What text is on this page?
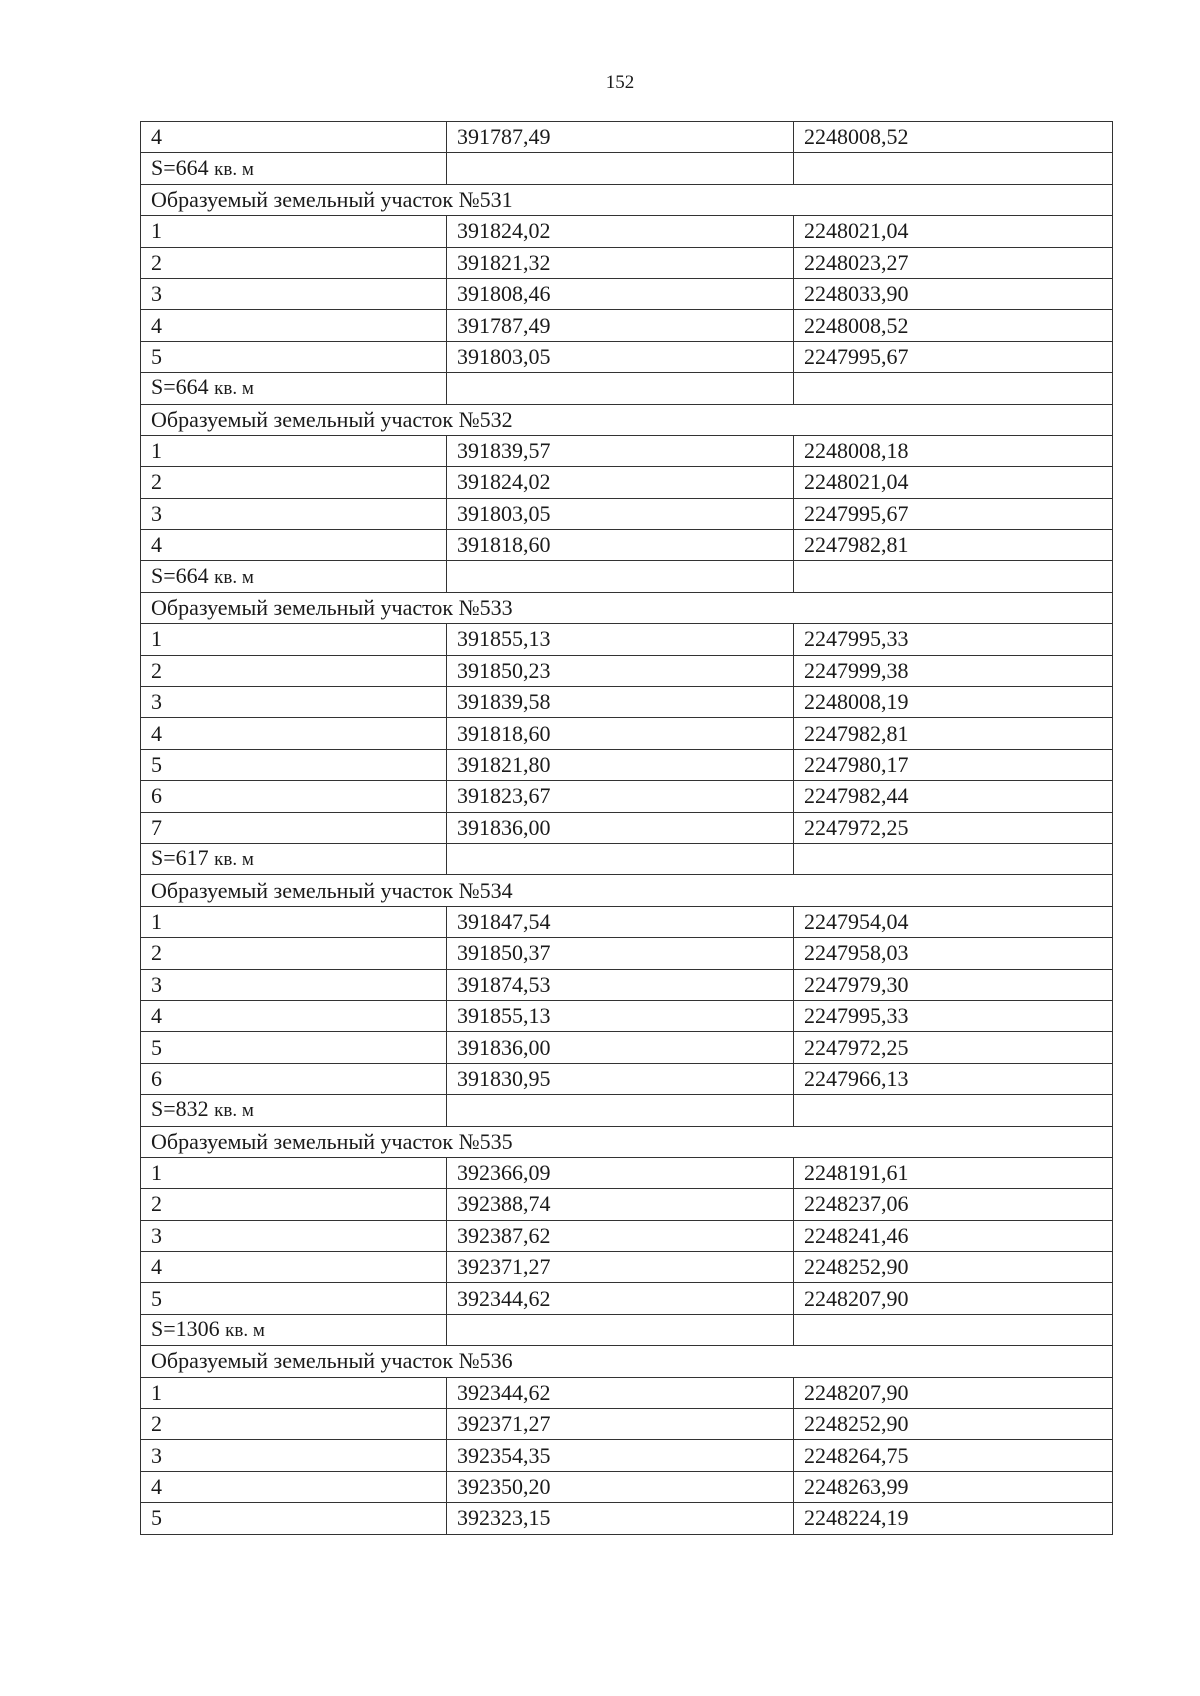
152
4	391787,49	2248008,52
S=664 кв. м		
Образуемый земельный участок №531		
1	391824,02	2248021,04
2	391821,32	2248023,27
3	391808,46	2248033,90
4	391787,49	2248008,52
5	391803,05	2247995,67
S=664 кв. м		
Образуемый земельный участок №532		
1	391839,57	2248008,18
2	391824,02	2248021,04
3	391803,05	2247995,67
4	391818,60	2247982,81
S=664 кв. м		
Образуемый земельный участок №533		
1	391855,13	2247995,33
2	391850,23	2247999,38
3	391839,58	2248008,19
4	391818,60	2247982,81
5	391821,80	2247980,17
6	391823,67	2247982,44
7	391836,00	2247972,25
S=617 кв. м		
Образуемый земельный участок №534		
1	391847,54	2247954,04
2	391850,37	2247958,03
3	391874,53	2247979,30
4	391855,13	2247995,33
5	391836,00	2247972,25
6	391830,95	2247966,13
S=832 кв. м		
Образуемый земельный участок №535		
1	392366,09	2248191,61
2	392388,74	2248237,06
3	392387,62	2248241,46
4	392371,27	2248252,90
5	392344,62	2248207,90
S=1306 кв. м		
Образуемый земельный участок №536		
1	392344,62	2248207,90
2	392371,27	2248252,90
3	392354,35	2248264,75
4	392350,20	2248263,99
5	392323,15	2248224,19
